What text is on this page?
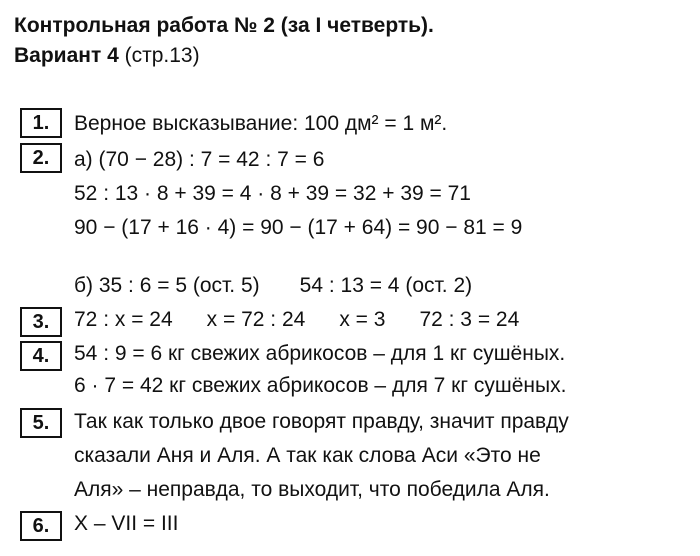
Контрольная работа № 2 (за I четверть).
Вариант 4 (стр.13)
1.	Верное высказывание: 100 дм² = 1 м².
2.	а) (70 − 28) : 7 = 42 : 7 = 6
52 : 13 · 8 + 39 = 4 · 8 + 39 = 32 + 39 = 71
90 − (17 + 16 · 4) = 90 − (17 + 64) = 90 − 81 = 9
б) 35 : 6 = 5 (ост. 5) 54 : 13 = 4 (ост. 2)
3.	72 : x = 24 x = 72 : 24 x = 3 72 : 3 = 24
4.	54 : 9 = 6 кг свежих абрикосов – для 1 кг сушёных.
6 · 7 = 42 кг свежих абрикосов – для 7 кг сушёных.
5.	Так как только двое говорят правду, значит правду
сказали Аня и Аля. А так как слова Аси «Это не
Аля» – неправда, то выходит, что победила Аля.
6.	X – VII = III
